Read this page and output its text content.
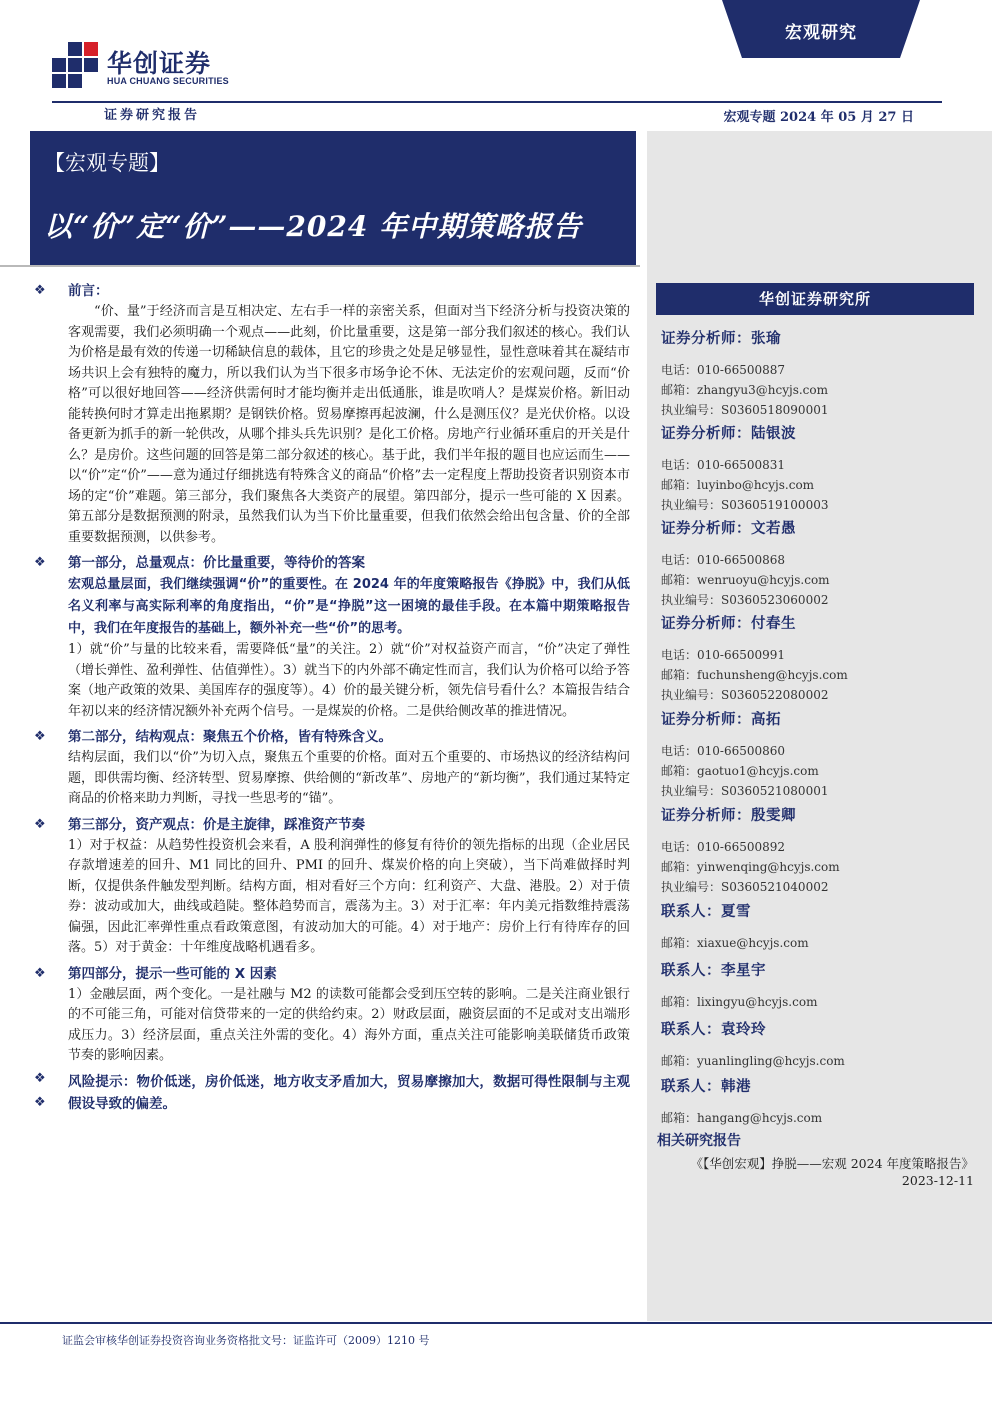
华创证券
HUA CHUANG SECURITIES
证券研究报告
宏观研究
宏观专题 2024 年 05 月 27 日
【宏观专题】
以“价”定“价”——2024 年中期策略报告
华创证券研究所
证券分析师：张瑜
电话：010-66500887
邮箱：zhangyu3@hcyjs.com
执业编号：S0360518090001
证券分析师：陆银波
电话：010-66500831
邮箱：luyinbo@hcyjs.com
执业编号：S0360519100003
证券分析师：文若愚
电话：010-66500868
邮箱：wenruoyu@hcyjs.com
执业编号：S0360523060002
证券分析师：付春生
电话：010-66500991
邮箱：fuchunsheng@hcyjs.com
执业编号：S0360522080002
证券分析师：高拓
电话：010-66500860
邮箱：gaotuo1@hcyjs.com
执业编号：S0360521080001
证券分析师：殷雯卿
电话：010-66500892
邮箱：yinwenqing@hcyjs.com
执业编号：S0360521040002
联系人：夏雪
邮箱：xiaxue@hcyjs.com
联系人：李星宇
邮箱：lixingyu@hcyjs.com
联系人：袁玲玲
邮箱：yuanlingling@hcyjs.com
联系人：韩港
邮箱：hangang@hcyjs.com
相关研究报告
《【华创宏观】挣脱——宏观 2024 年度策略报告》
2023-12-11
❖ 前言：
“价、量”于经济而言是互相决定、左右手一样的亲密关系，但面对当下经济分析与投资决策的客观需要，我们必须明确一个观点——此刻，价比量重要，这是第一部分我们叙述的核心。我们认为价格是最有效的传递一切稀缺信息的载体，且它的珍贵之处是足够显性，显性意味着其在凝结市场共识上会有独特的魔力，所以我们认为当下很多市场争论不休、无法定价的宏观问题，反而“价格”可以很好地回答——经济供需何时才能均衡并走出低通胀，谁是吹哨人？是煤炭价格。新旧动能转换何时才算走出拖累期？是钢铁价格。贸易摩擦再起波澜，什么是测压仪？是光伏价格。以设备更新为抓手的新一轮供改，从哪个排头兵先识别？是化工价格。房地产行业循环重启的开关是什么？是房价。这些问题的回答是第二部分叙述的核心。基于此，我们半年报的题目也应运而生——以“价”定“价”——意为通过仔细挑选有特殊含义的商品“价格”去一定程度上帮助投资者识别资本市场的定“价”难题。第三部分，我们聚焦各大类资产的展望。第四部分，提示一些可能的 X 因素。第五部分是数据预测的附录，虽然我们认为当下价比量重要，但我们依然会给出包含量、价的全部重要数据预测，以供参考。
❖ 第一部分，总量观点：价比量重要，等待价的答案
宏观总量层面，我们继续强调“价”的重要性。在 2024 年的年度策略报告《挣脱》中，我们从低名义利率与高实际利率的角度指出，“价”是“挣脱”这一困境的最佳手段。在本篇中期策略报告中，我们在年度报告的基础上，额外补充一些“价”的思考。
1）就“价”与量的比较来看，需要降低“量”的关注。2）就“价”对权益资产而言，“价”决定了弹性（增长弹性、盈利弹性、估值弹性）。3）就当下的内外部不确定性而言，我们认为价格可以给予答案（地产政策的效果、美国库存的强度等）。4）价的最关键分析，领先信号看什么？本篇报告结合年初以来的经济情况额外补充两个信号。一是煤炭的价格。二是供给侧改革的推进情况。
❖ 第二部分，结构观点：聚焦五个价格，皆有特殊含义。
结构层面，我们以“价”为切入点，聚焦五个重要的价格。面对五个重要的、市场热议的经济结构问题，即供需均衡、经济转型、贸易摩擦、供给侧的“新改革”、房地产的“新均衡”，我们通过某特定商品的价格来助力判断，寻找一些思考的“锚”。
❖ 第三部分，资产观点：价是主旋律，踩准资产节奏
1）对于权益：从趋势性投资机会来看，A 股利润弹性的修复有待价的领先指标的出现（企业居民存款增速差的回升、M1 同比的回升、PMI 的回升、煤炭价格的向上突破），当下尚难做择时判断，仅提供条件触发型判断。结构方面，相对看好三个方向：红利资产、大盘、港股。2）对于债券：波动或加大，曲线或趋陡。整体趋势而言，震荡为主。3）对于汇率：年内美元指数维持震荡偏强，因此汇率弹性重点看政策意图，有波动加大的可能。4）对于地产：房价上行有待库存的回落。5）对于黄金：十年维度战略机遇看多。
❖ 第四部分，提示一些可能的 X 因素
1）金融层面，两个变化。一是社融与 M2 的读数可能都会受到压空转的影响。二是关注商业银行的不可能三角，可能对信贷带来的一定的供给约束。2）财政层面，融资层面的不足或对支出端形成压力。3）经济层面，重点关注外需的变化。4）海外方面，重点关注可能影响美联储货币政策节奏的影响因素。
❖
❖
风险提示：物价低迷，房价低迷，地方收支矛盾加大，贸易摩擦加大，数据可得性限制与主观假设导致的偏差。
证监会审核华创证券投资咨询业务资格批文号：证监许可（2009）1210 号
